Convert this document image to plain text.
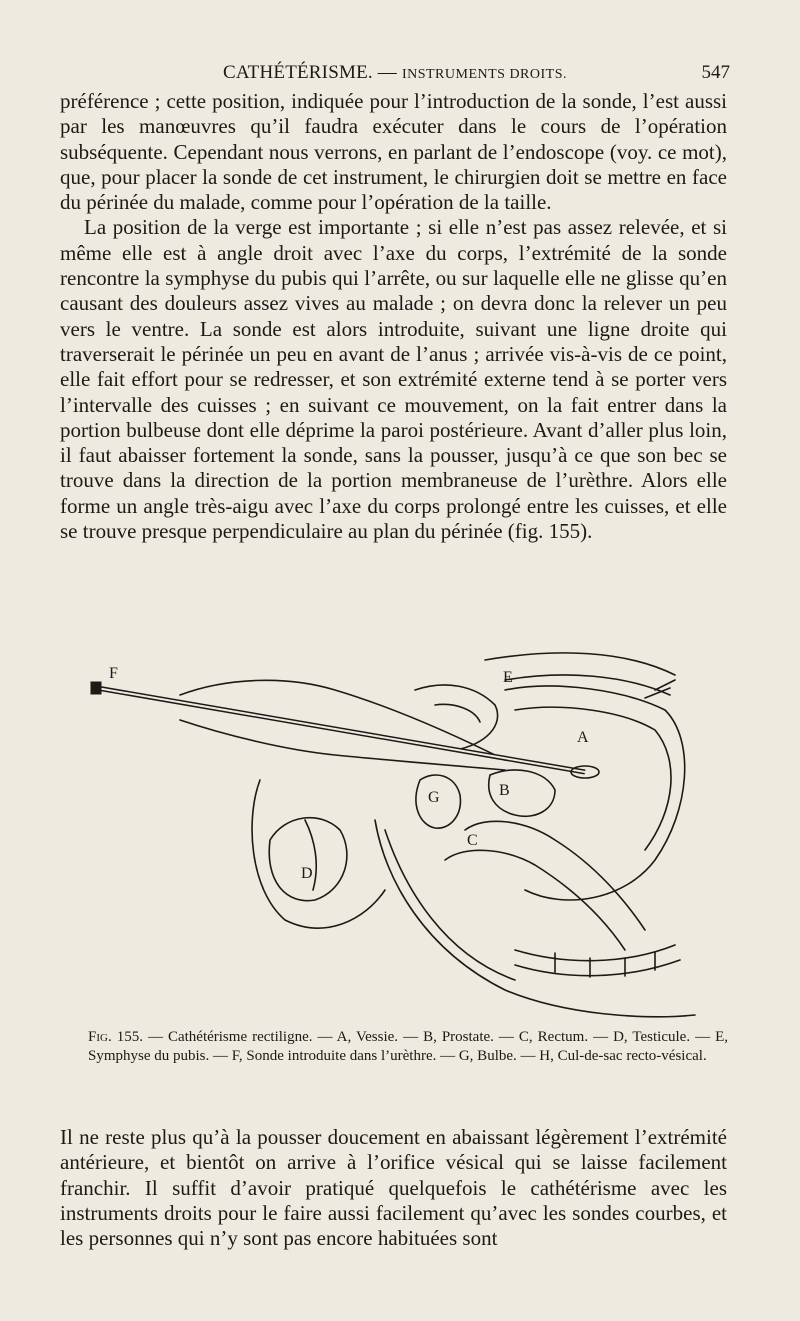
CATHÉTÉRISME. — INSTRUMENTS DROITS.	547

préférence ; cette position, indiquée pour l’introduction de la sonde, l’est aussi par les manœuvres qu’il faudra exécuter dans le cours de l’opération subséquente. Cependant nous verrons, en parlant de l’endoscope (voy. ce mot), que, pour placer la sonde de cet instrument, le chirurgien doit se mettre en face du périnée du malade, comme pour l’opération de la taille.

La position de la verge est importante ; si elle n’est pas assez relevée, et si même elle est à angle droit avec l’axe du corps, l’extrémité de la sonde rencontre la symphyse du pubis qui l’arrête, ou sur laquelle elle ne glisse qu’en causant des douleurs assez vives au malade ; on devra donc la relever un peu vers le ventre. La sonde est alors introduite, suivant une ligne droite qui traverserait le périnée un peu en avant de l’anus ; arrivée vis-à-vis de ce point, elle fait effort pour se redresser, et son extrémité externe tend à se porter vers l’intervalle des cuisses ; en suivant ce mouvement, on la fait entrer dans la portion bulbeuse dont elle déprime la paroi postérieure. Avant d’aller plus loin, il faut abaisser fortement la sonde, sans la pousser, jusqu’à ce que son bec se trouve dans la direction de la portion membraneuse de l’urèthre. Alors elle forme un angle très-aigu avec l’axe du corps prolongé entre les cuisses, et elle se trouve presque perpendiculaire au plan du périnée (fig. 155).

F	E
A
G	B
C
D
Fig. 155. — Cathétérisme rectiligne. — A, Vessie. — B, Prostate. — C, Rectum. — D, Testicule. — E, Symphyse du pubis. — F, Sonde introduite dans l’urèthre. — G, Bulbe. — H, Cul-de-sac recto-vésical.

Il ne reste plus qu’à la pousser doucement en abaissant légèrement l’extrémité antérieure, et bientôt on arrive à l’orifice vésical qui se laisse facilement franchir. Il suffit d’avoir pratiqué quelquefois le cathétérisme avec les instruments droits pour le faire aussi facilement qu’avec les sondes courbes, et les personnes qui n’y sont pas encore habituées sont
